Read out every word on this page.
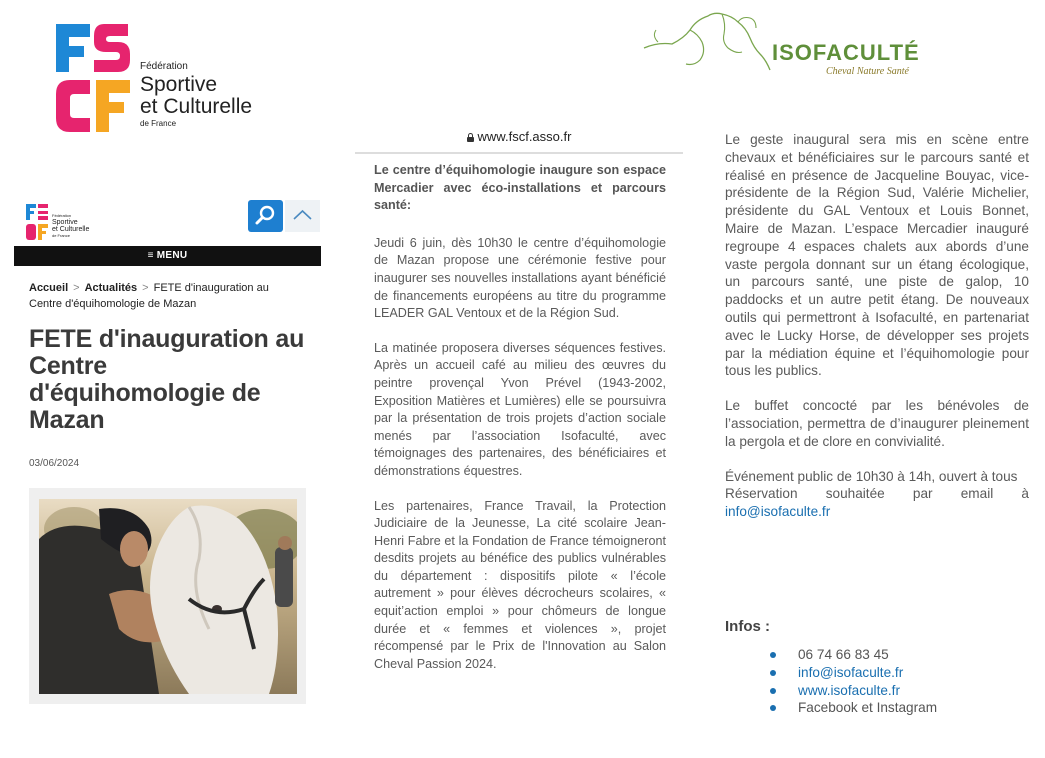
Fédération
Sportive
et Culturelle
de France
ISOFACULTÉ
Cheval Nature Santé
Fédération
Sportive
et Culturelle
de France
≡ MENU
Accueil > Actualités > FETE d'inauguration au Centre d'équihomologie de Mazan
FETE d'inauguration au Centre d'équihomologie de Mazan
03/06/2024
www.fscf.asso.fr

Le centre d’équihomologie inaugure son espace Mercadier avec éco-installations et parcours santé:

Jeudi 6 juin, dès 10h30 le centre d’équihomologie de Mazan propose une cérémonie festive pour inaugurer ses nouvelles installations ayant bénéficié de financements européens au titre du programme LEADER GAL Ventoux et de la Région Sud.

La matinée proposera diverses séquences festives. Après un accueil café au milieu des œuvres du peintre provençal Yvon Prével (1943-2002, Exposition Matières et Lumières) elle se poursuivra par la présentation de trois projets d’action sociale menés par l’association Isofaculté, avec témoignages des partenaires, des bénéficiaires et démonstrations équestres.

Les partenaires, France Travail, la Protection Judiciaire de la Jeunesse, La cité scolaire Jean-Henri Fabre et la Fondation de France témoigneront desdits projets au bénéfice des publics vulnérables du département : dispositifs pilote « l’école autrement » pour élèves décrocheurs scolaires, « equit’action emploi » pour chômeurs de longue durée et « femmes et violences », projet récompensé par le Prix de l'Innovation au Salon Cheval Passion 2024.

Le geste inaugural sera mis en scène entre chevaux et bénéficiaires sur le parcours santé et réalisé en présence de Jacqueline Bouyac, vice-présidente de la Région Sud, Valérie Michelier, présidente du GAL Ventoux et Louis Bonnet, Maire de Mazan. L’espace Mercadier inauguré regroupe 4 espaces chalets aux abords d’une vaste pergola donnant sur un étang écologique, un parcours santé, une piste de galop, 10 paddocks et un autre petit étang. De nouveaux outils qui permettront à Isofaculté, en partenariat avec le Lucky Horse, de développer ses projets par la médiation équine et l’équihomologie pour tous les publics.

Le buffet concocté par les bénévoles de l’association, permettra de d’inaugurer pleinement la pergola et de clore en convivialité.

Événement public de 10h30 à 14h, ouvert à tous
Réservation souhaitée par email à
info@isofaculte.fr
Infos :
06 74 66 83 45
info@isofaculte.fr
www.isofaculte.fr
Facebook et Instagram
